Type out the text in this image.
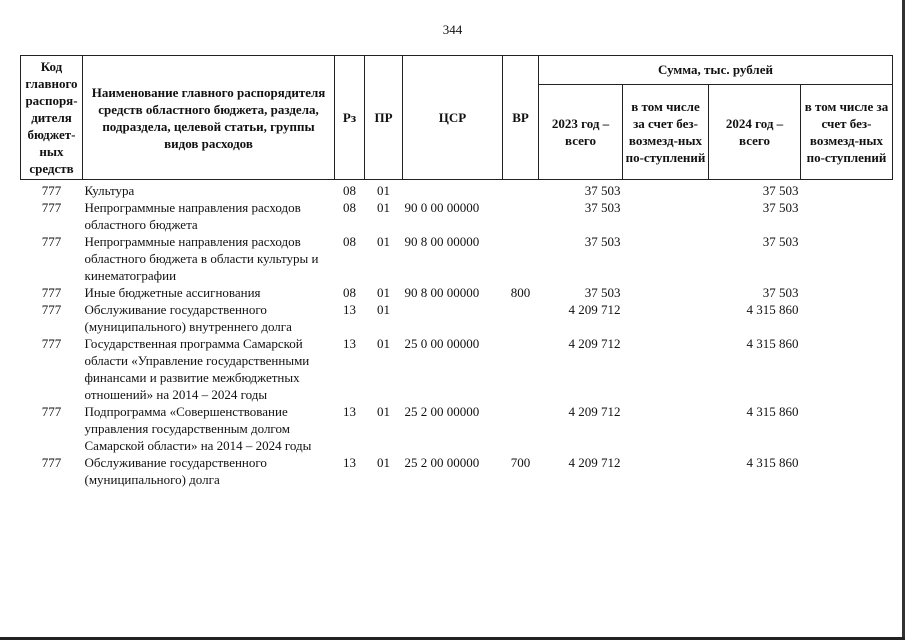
344
Код главного распоря-дителя бюджет-ных средств	Наименование главного распорядителя средств областного бюджета, раздела, подраздела, целевой статьи, группы видов расходов	Рз	ПР	ЦСР	ВР	Сумма, тыс. рублей			
						2023 год – всего	в том числе за счет без-возмезд-ных по-ступлений	2024 год – всего	в том числе за счет без-возмезд-ных по-ступлений
777	Культура	08	01			37 503		37 503	
777	Непрограммные направления расходов областного бюджета	08	01	90 0 00 00000		37 503		37 503	
777	Непрограммные направления расходов областного бюджета в области культуры и кинематографии	08	01	90 8 00 00000		37 503		37 503	
777	Иные бюджетные ассигнования	08	01	90 8 00 00000	800	37 503		37 503	
777	Обслуживание государственного (муниципального) внутреннего долга	13	01			4 209 712		4 315 860	
777	Государственная программа Самарской области «Управление государственными финансами и развитие межбюджетных отношений» на 2014 – 2024 годы	13	01	25 0 00 00000		4 209 712		4 315 860	
777	Подпрограмма «Совершенствование управления государственным долгом Самарской области» на 2014 – 2024 годы	13	01	25 2 00 00000		4 209 712		4 315 860	
777	Обслуживание государственного (муниципального) долга	13	01	25 2 00 00000	700	4 209 712		4 315 860	
